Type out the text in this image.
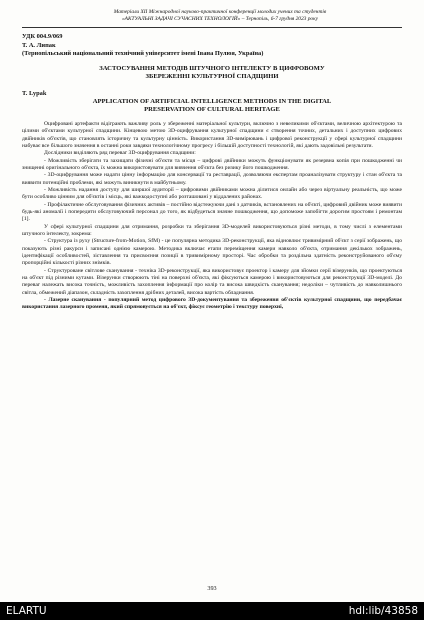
Матеріали XII Міжнародної науково-практичної конференції молодих учених та студентів
«АКТУАЛЬНІ ЗАДАЧІ СУЧАСНИХ ТЕХНОЛОГІЙ» – Тернопіль, 6-7 грудня 2023 року
УДК 004.9/069
Т. А. Липак
(Тернопільський національний технічний університет імені Івана Пулюя, Україна)
ЗАСТОСУВАННЯ МЕТОДІВ ШТУЧНОГО ІНТЕЛЕКТУ В ЦИФРОВОМУ
ЗБЕРЕЖЕННІ КУЛЬТУРНОЇ СПАДЩИНИ
T. Lypak
APPLICATION OF ARTIFICIAL INTELLIGENCE METHODS IN THE DIGITAL
PRESERVATION OF CULTURAL HERITAGE

Оцифровані артефакти відіграють важливу роль у збереженні матеріальної культури, включно з невеликими об'єктами, величною архітектурою та цілими об'єктами культурної спадщини. Кінцевою метою 3D-оцифрування культурної спадщини є створення точних, детальних і доступних цифрових двійників об'єктів, що становлять історичну та культурну цінність. Використання 3D-вимірювань і цифрової реконструкції у сфері культурної спадщини набуває все більшого значення в останні роки завдяки технологічному прогресу і більшій доступності технологій, які дають задовільні результати.

Дослідники виділяють ряд переваг 3D-оцифрування спадщини:

- Можливість зберігати та захищати фізичні об'єкти та місця – цифрові двійники можуть функціонувати як резервна копія при пошкодженні чи знищенні оригінального об'єкта, їх можна використовувати для вивчення об'єкта без ризику його пошкодження.

- 3D-оцифрування може надати цінну інформацію для консервації та реставрації, дозволяючи експертам проаналізувати структуру і стан об'єкта та виявити потенційні проблеми, які можуть виникнути в майбутньому.

- Можливість надання доступу для ширшої аудиторії – цифровими двійниками можна ділитися онлайн або через віртуальну реальність, що може бути особливо цінним для об'єктів і місць, які важкодоступні або розташовані у віддалених районах.

- Профілактичне обслуговування фізичних активів – постійно відстежуючи дані з датчиків, встановлених на об'єкті, цифровий двійник може виявити будь-які аномалії і попередити обслуговуючий персонал до того, як відбудеться значне пошкодження, що допоможе запобігти дорогим простоям і ремонтам [1].

У сфері культурної спадщини для отримання, розробки та зберігання 3D-моделей використовуються різні методи, в тому числі з елементами штучного інтелекту, зокрема:

- Структура із руху (Structure-from-Motion, SfM) - це популярна методика 3D-реконструкції, яка відновлює тривимірний об'єкт з серії зображень, що показують різні ракурси і записані однією камерою. Методика включає етапи переміщення камери навколо об'єкта, отримання декількох зображень, ідентифікації особливостей, зіставлення та присвоєння позиції в тривимірному просторі. Час обробки та роздільна здатність реконструйованого об'єму пропорційні кількості різних знімків.

- Структуроване світлове сканування - техніка 3D-реконструкції, яка використовує проектор і камеру для зйомки серії візерунків, що проектуються на об'єкт під різними кутами. Візерунки створюють тіні на поверхні об'єкта, які фіксуються камерою і використовуються для реконструкції 3D-моделі. До переваг належать висока точність, можливість захоплення інформації про колір та висока швидкість сканування; недоліки – чутливість до навколишнього світла, обмежений діапазон, складність захоплення дрібних деталей, висока вартість обладнання.

- Лазерне сканування - популярний метод цифрового 3D-документування та збереження об'єктів культурної спадщини, що передбачає використання лазерного променя, який спрямовується на об'єкт, фіксує геометрію і текстуру поверхні,

393
ELARTU	hdl:lib/43858
